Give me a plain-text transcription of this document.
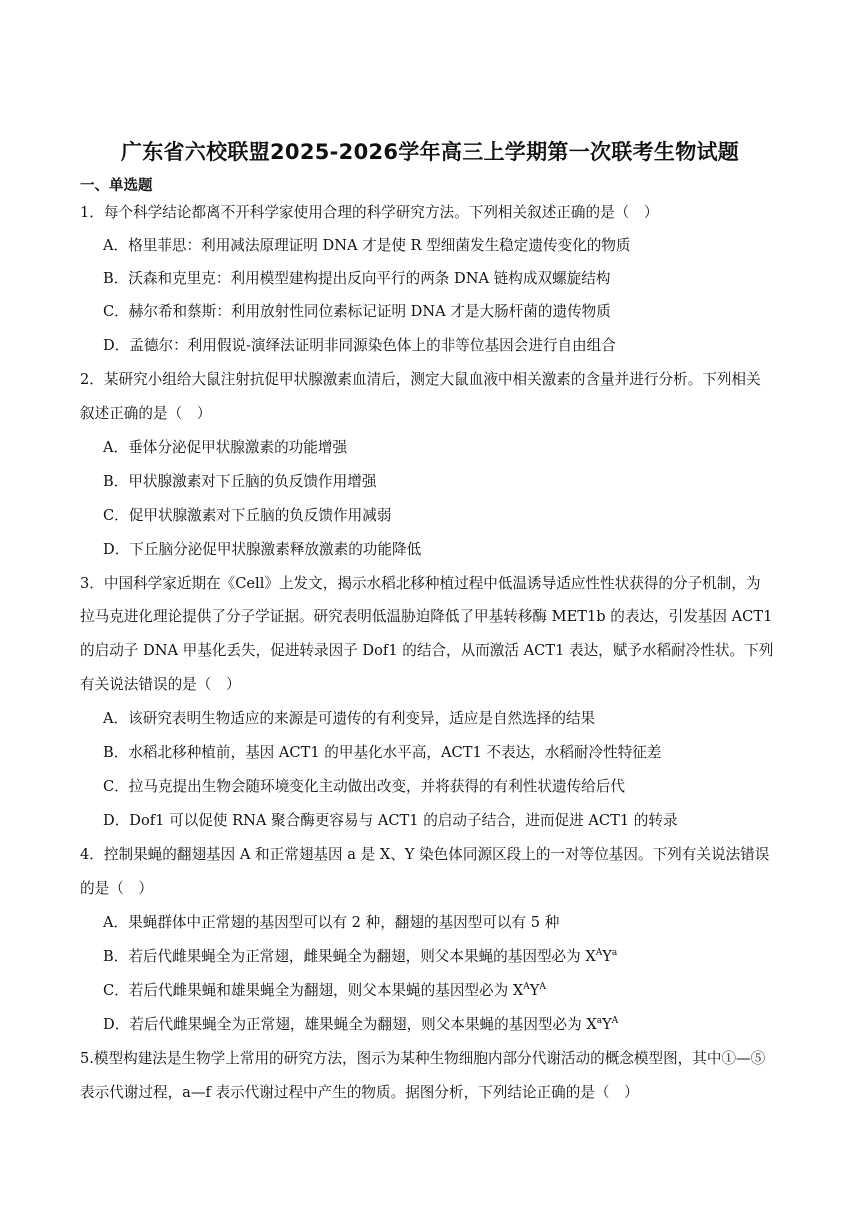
广东省六校联盟2025-2026学年高三上学期第一次联考生物试题
一、单选题
1．每个科学结论都离不开科学家使用合理的科学研究方法。下列相关叙述正确的是（　）
A．格里菲思：利用减法原理证明 DNA 才是使 R 型细菌发生稳定遗传变化的物质
B．沃森和克里克：利用模型建构提出反向平行的两条 DNA 链构成双螺旋结构
C．赫尔希和蔡斯：利用放射性同位素标记证明 DNA 才是大肠杆菌的遗传物质
D．孟德尔：利用假说-演绎法证明非同源染色体上的非等位基因会进行自由组合
2．某研究小组给大鼠注射抗促甲状腺激素血清后，测定大鼠血液中相关激素的含量并进行分析。下列相关
叙述正确的是（　）
A．垂体分泌促甲状腺激素的功能增强
B．甲状腺激素对下丘脑的负反馈作用增强
C．促甲状腺激素对下丘脑的负反馈作用减弱
D．下丘脑分泌促甲状腺激素释放激素的功能降低
3．中国科学家近期在《Cell》上发文，揭示水稻北移种植过程中低温诱导适应性性状获得的分子机制，为
拉马克进化理论提供了分子学证据。研究表明低温胁迫降低了甲基转移酶 MET1b 的表达，引发基因 ACT1
的启动子 DNA 甲基化丢失，促进转录因子 Dof1 的结合，从而激活 ACT1 表达，赋予水稻耐冷性状。下列
有关说法错误的是（　）
A．该研究表明生物适应的来源是可遗传的有利变异，适应是自然选择的结果
B．水稻北移种植前，基因 ACT1 的甲基化水平高，ACT1 不表达，水稻耐冷性特征差
C．拉马克提出生物会随环境变化主动做出改变，并将获得的有利性状遗传给后代
D．Dof1 可以促使 RNA 聚合酶更容易与 ACT1 的启动子结合，进而促进 ACT1 的转录
4．控制果蝇的翻翅基因 A 和正常翅基因 a 是 X、Y 染色体同源区段上的一对等位基因。下列有关说法错误
的是（　）
A．果蝇群体中正常翅的基因型可以有 2 种，翻翅的基因型可以有 5 种
B．若后代雌果蝇全为正常翅，雌果蝇全为翻翅，则父本果蝇的基因型必为 $X^AY^a$
C．若后代雌果蝇和雄果蝇全为翻翅，则父本果蝇的基因型必为 $X^AY^A$
D．若后代雌果蝇全为正常翅，雄果蝇全为翻翅，则父本果蝇的基因型必为 $X^aY^A$
5.模型构建法是生物学上常用的研究方法，图示为某种生物细胞内部分代谢活动的概念模型图，其中①—⑤
表示代谢过程，a—f 表示代谢过程中产生的物质。据图分析，下列结论正确的是（　）
